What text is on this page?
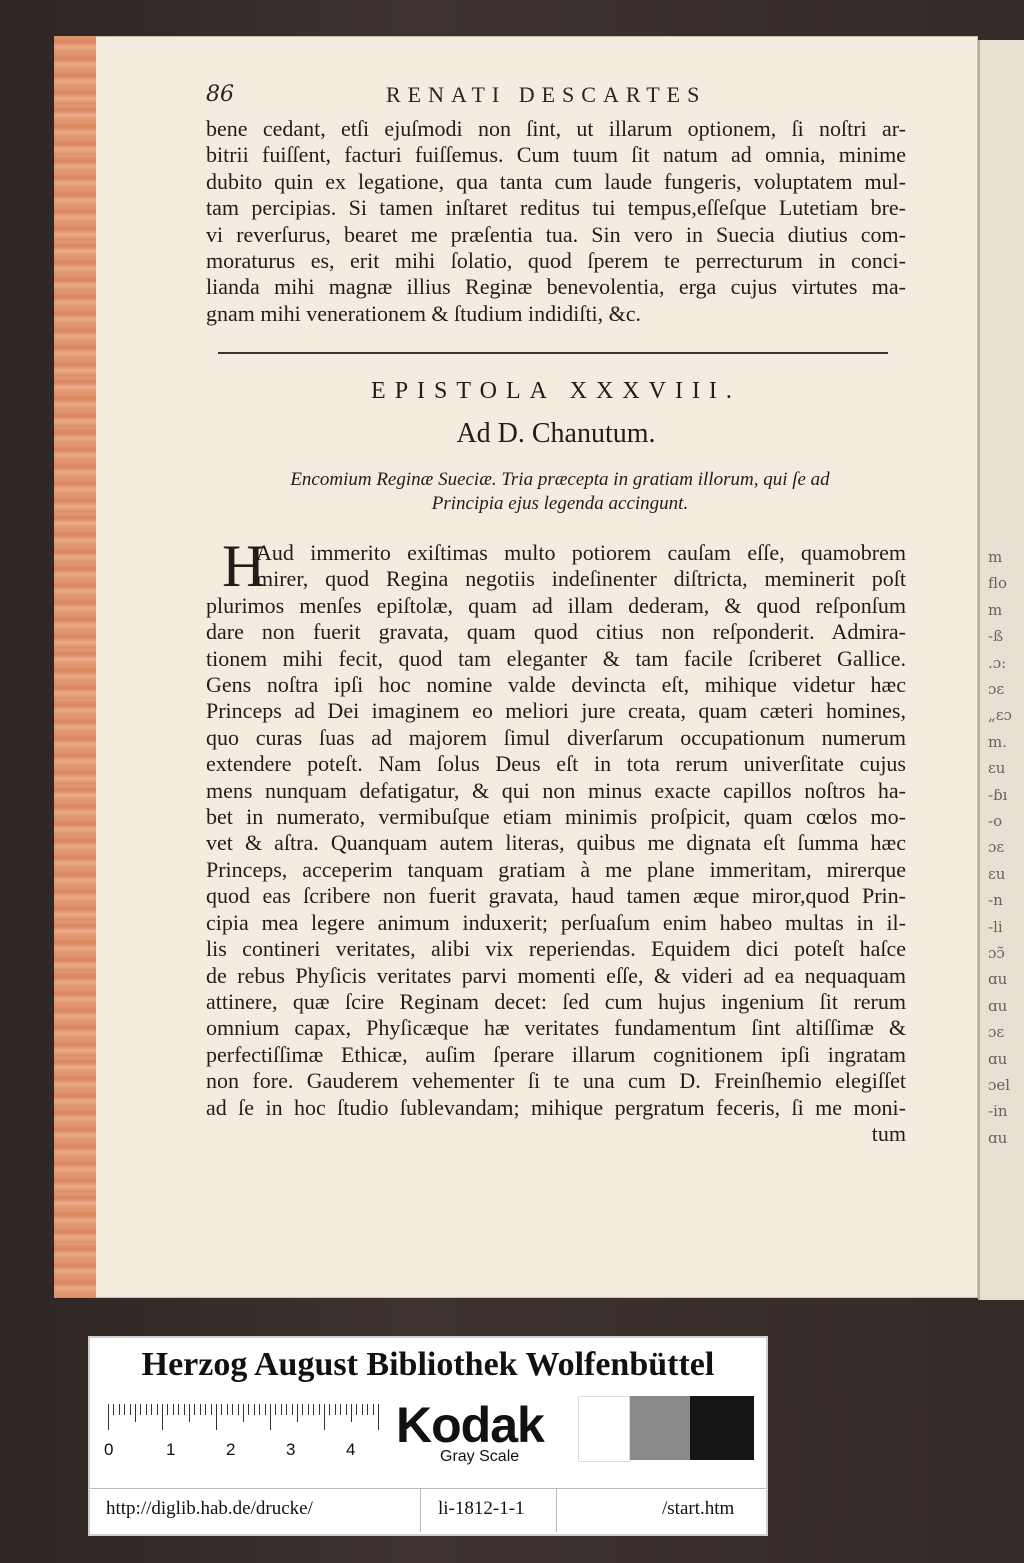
m
flo
m
-ß
.ɔ:
ɔɛ
„ɛɔ
m.
ɛu
-ɓı
-o
ɔɛ
ɛu
-n
-li
ɔɔ̃
ɑu
ɑu
ɔɛ
ɑu
ɔel
-in
ɑu
86	RENATI DESCARTES
bene cedant, etſi ejuſmodi non ſint, ut illarum optionem, ſi noſtri ar-
bitrii fuiſſent, facturi fuiſſemus. Cum tuum ſit natum ad omnia, minime
dubito quin ex legatione, qua tanta cum laude fungeris, voluptatem mul-
tam percipias. Si tamen inſtaret reditus tui tempus,eſſeſque Lutetiam bre-
vi reverſurus, bearet me præſentia tua. Sin vero in Suecia diutius com-
moraturus es, erit mihi ſolatio, quod ſperem te perrecturum in conci-
lianda mihi magnæ illius Reginæ benevolentia, erga cujus virtutes ma-
gnam mihi venerationem & ſtudium indidiſti, &c.
EPISTOLA XXXVIII.
Ad D. Chanutum.
Encomium Reginæ Sueciæ. Tria præcepta in gratiam illorum, qui ſe ad
Principia ejus legenda accingunt.
H
Aud immerito exiſtimas multo potiorem cauſam eſſe, quamobrem
mirer, quod Regina negotiis indeſinenter diſtricta, meminerit poſt
plurimos menſes epiſtolæ, quam ad illam dederam, & quod reſponſum
dare non fuerit gravata, quam quod citius non reſponderit. Admira-
tionem mihi fecit, quod tam eleganter & tam facile ſcriberet Gallice.
Gens noſtra ipſi hoc nomine valde devincta eſt, mihique videtur hæc
Princeps ad Dei imaginem eo meliori jure creata, quam cæteri homines,
quo curas ſuas ad majorem ſimul diverſarum occupationum numerum
extendere poteſt. Nam ſolus Deus eſt in tota rerum univerſitate cujus
mens nunquam defatigatur, & qui non minus exacte capillos noſtros ha-
bet in numerato, vermibuſque etiam minimis proſpicit, quam cœlos mo-
vet & aſtra. Quanquam autem literas, quibus me dignata eſt ſumma hæc
Princeps, acceperim tanquam gratiam à me plane immeritam, mirerque
quod eas ſcribere non fuerit gravata, haud tamen æque miror,quod Prin-
cipia mea legere animum induxerit; perſuaſum enim habeo multas in il-
lis contineri veritates, alibi vix reperiendas. Equidem dici poteſt haſce
de rebus Phyſicis veritates parvi momenti eſſe, & videri ad ea nequaquam
attinere, quæ ſcire Reginam decet: ſed cum hujus ingenium ſit rerum
omnium capax, Phyſicæque hæ veritates fundamentum ſint altiſſimæ &
perfectiſſimæ Ethicæ, auſim ſperare illarum cognitionem ipſi ingratam
non fore. Gauderem vehementer ſi te una cum D. Freinſhemio elegiſſet
ad ſe in hoc ſtudio ſublevandam; mihique pergratum feceris, ſi me moni-
tum
Herzog August Bibliothek Wolfenbüttel
0	1	2	3	4 Kodak
Gray Scale
http://diglib.hab.de/drucke/	li-1812-1-1	/start.htm
